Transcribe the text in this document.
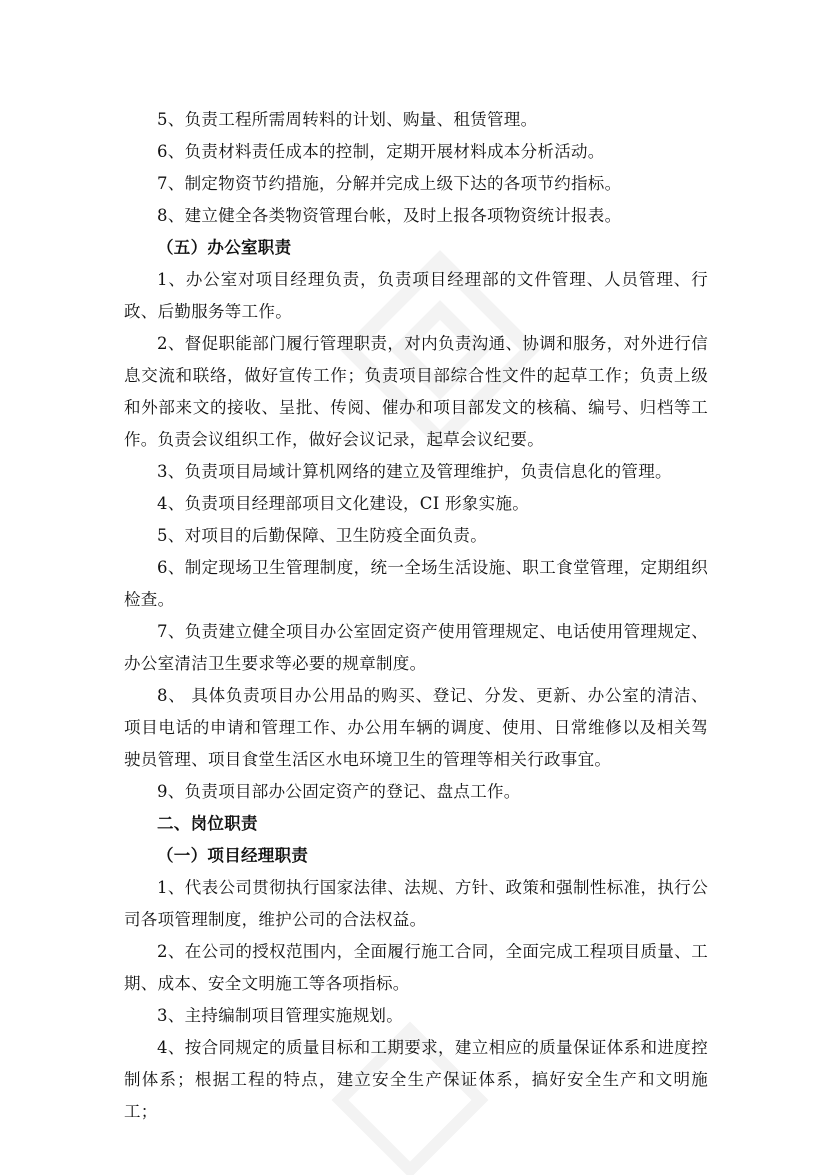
5、负责工程所需周转料的计划、购量、租赁管理。

6、负责材料责任成本的控制，定期开展材料成本分析活动。

7、制定物资节约措施，分解并完成上级下达的各项节约指标。

8、建立健全各类物资管理台帐，及时上报各项物资统计报表。

（五）办公室职责

1、办公室对项目经理负责，负责项目经理部的文件管理、人员管理、行政、后勤服务等工作。

2、督促职能部门履行管理职责，对内负责沟通、协调和服务，对外进行信息交流和联络，做好宣传工作；负责项目部综合性文件的起草工作；负责上级和外部来文的接收、呈批、传阅、催办和项目部发文的核稿、编号、归档等工作。负责会议组织工作，做好会议记录，起草会议纪要。

3、负责项目局域计算机网络的建立及管理维护，负责信息化的管理。

4、负责项目经理部项目文化建设，CI 形象实施。

5、对项目的后勤保障、卫生防疫全面负责。

6、制定现场卫生管理制度，统一全场生活设施、职工食堂管理，定期组织检查。

7、负责建立健全项目办公室固定资产使用管理规定、电话使用管理规定、办公室清洁卫生要求等必要的规章制度。

8、 具体负责项目办公用品的购买、登记、分发、更新、办公室的清洁、项目电话的申请和管理工作、办公用车辆的调度、使用、日常维修以及相关驾驶员管理、项目食堂生活区水电环境卫生的管理等相关行政事宜。

9、负责项目部办公固定资产的登记、盘点工作。

二、岗位职责

（一）项目经理职责

1、代表公司贯彻执行国家法律、法规、方针、政策和强制性标准，执行公司各项管理制度，维护公司的合法权益。

2、在公司的授权范围内，全面履行施工合同，全面完成工程项目质量、工期、成本、安全文明施工等各项指标。

3、主持编制项目管理实施规划。

4、按合同规定的质量目标和工期要求，建立相应的质量保证体系和进度控制体系；根据工程的特点，建立安全生产保证体系，搞好安全生产和文明施工；
